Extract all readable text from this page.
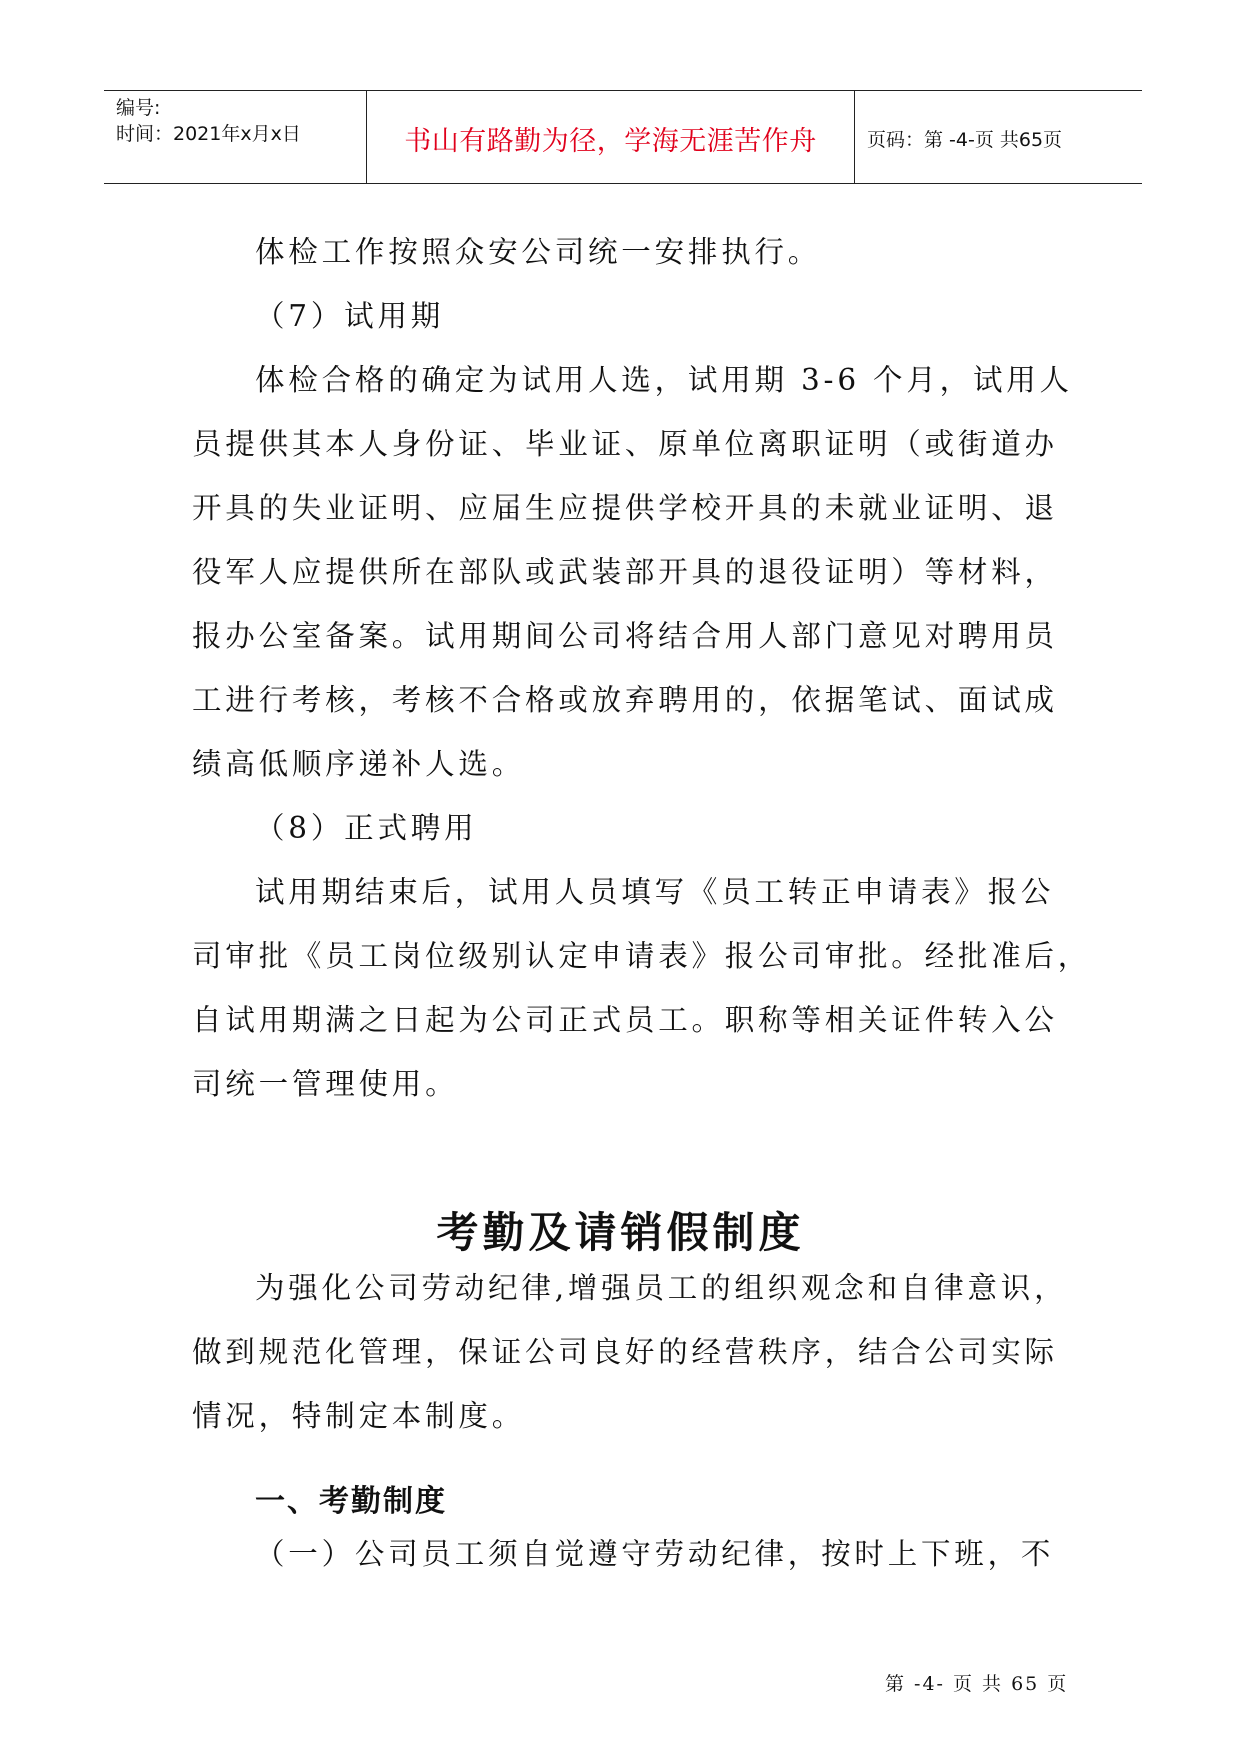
编号:
时间：2021年x月x日	书山有路勤为径，学海无涯苦作舟	页码：第 -4-页 共65页
体检工作按照众安公司统一安排执行。
（7）试用期
体检合格的确定为试用人选，试用期 3-6 个月，试用人
员提供其本人身份证、毕业证、原单位离职证明（或街道办
开具的失业证明、应届生应提供学校开具的未就业证明、退
役军人应提供所在部队或武装部开具的退役证明）等材料，
报办公室备案。试用期间公司将结合用人部门意见对聘用员
工进行考核，考核不合格或放弃聘用的，依据笔试、面试成
绩高低顺序递补人选。
（8）正式聘用
试用期结束后，试用人员填写《员工转正申请表》报公
司审批《员工岗位级别认定申请表》报公司审批。经批准后，
自试用期满之日起为公司正式员工。职称等相关证件转入公
司统一管理使用。
考勤及请销假制度
为强化公司劳动纪律,增强员工的组织观念和自律意识，
做到规范化管理，保证公司良好的经营秩序，结合公司实际
情况，特制定本制度。
一、考勤制度
（一）公司员工须自觉遵守劳动纪律，按时上下班，不
第 -4- 页 共 65 页
